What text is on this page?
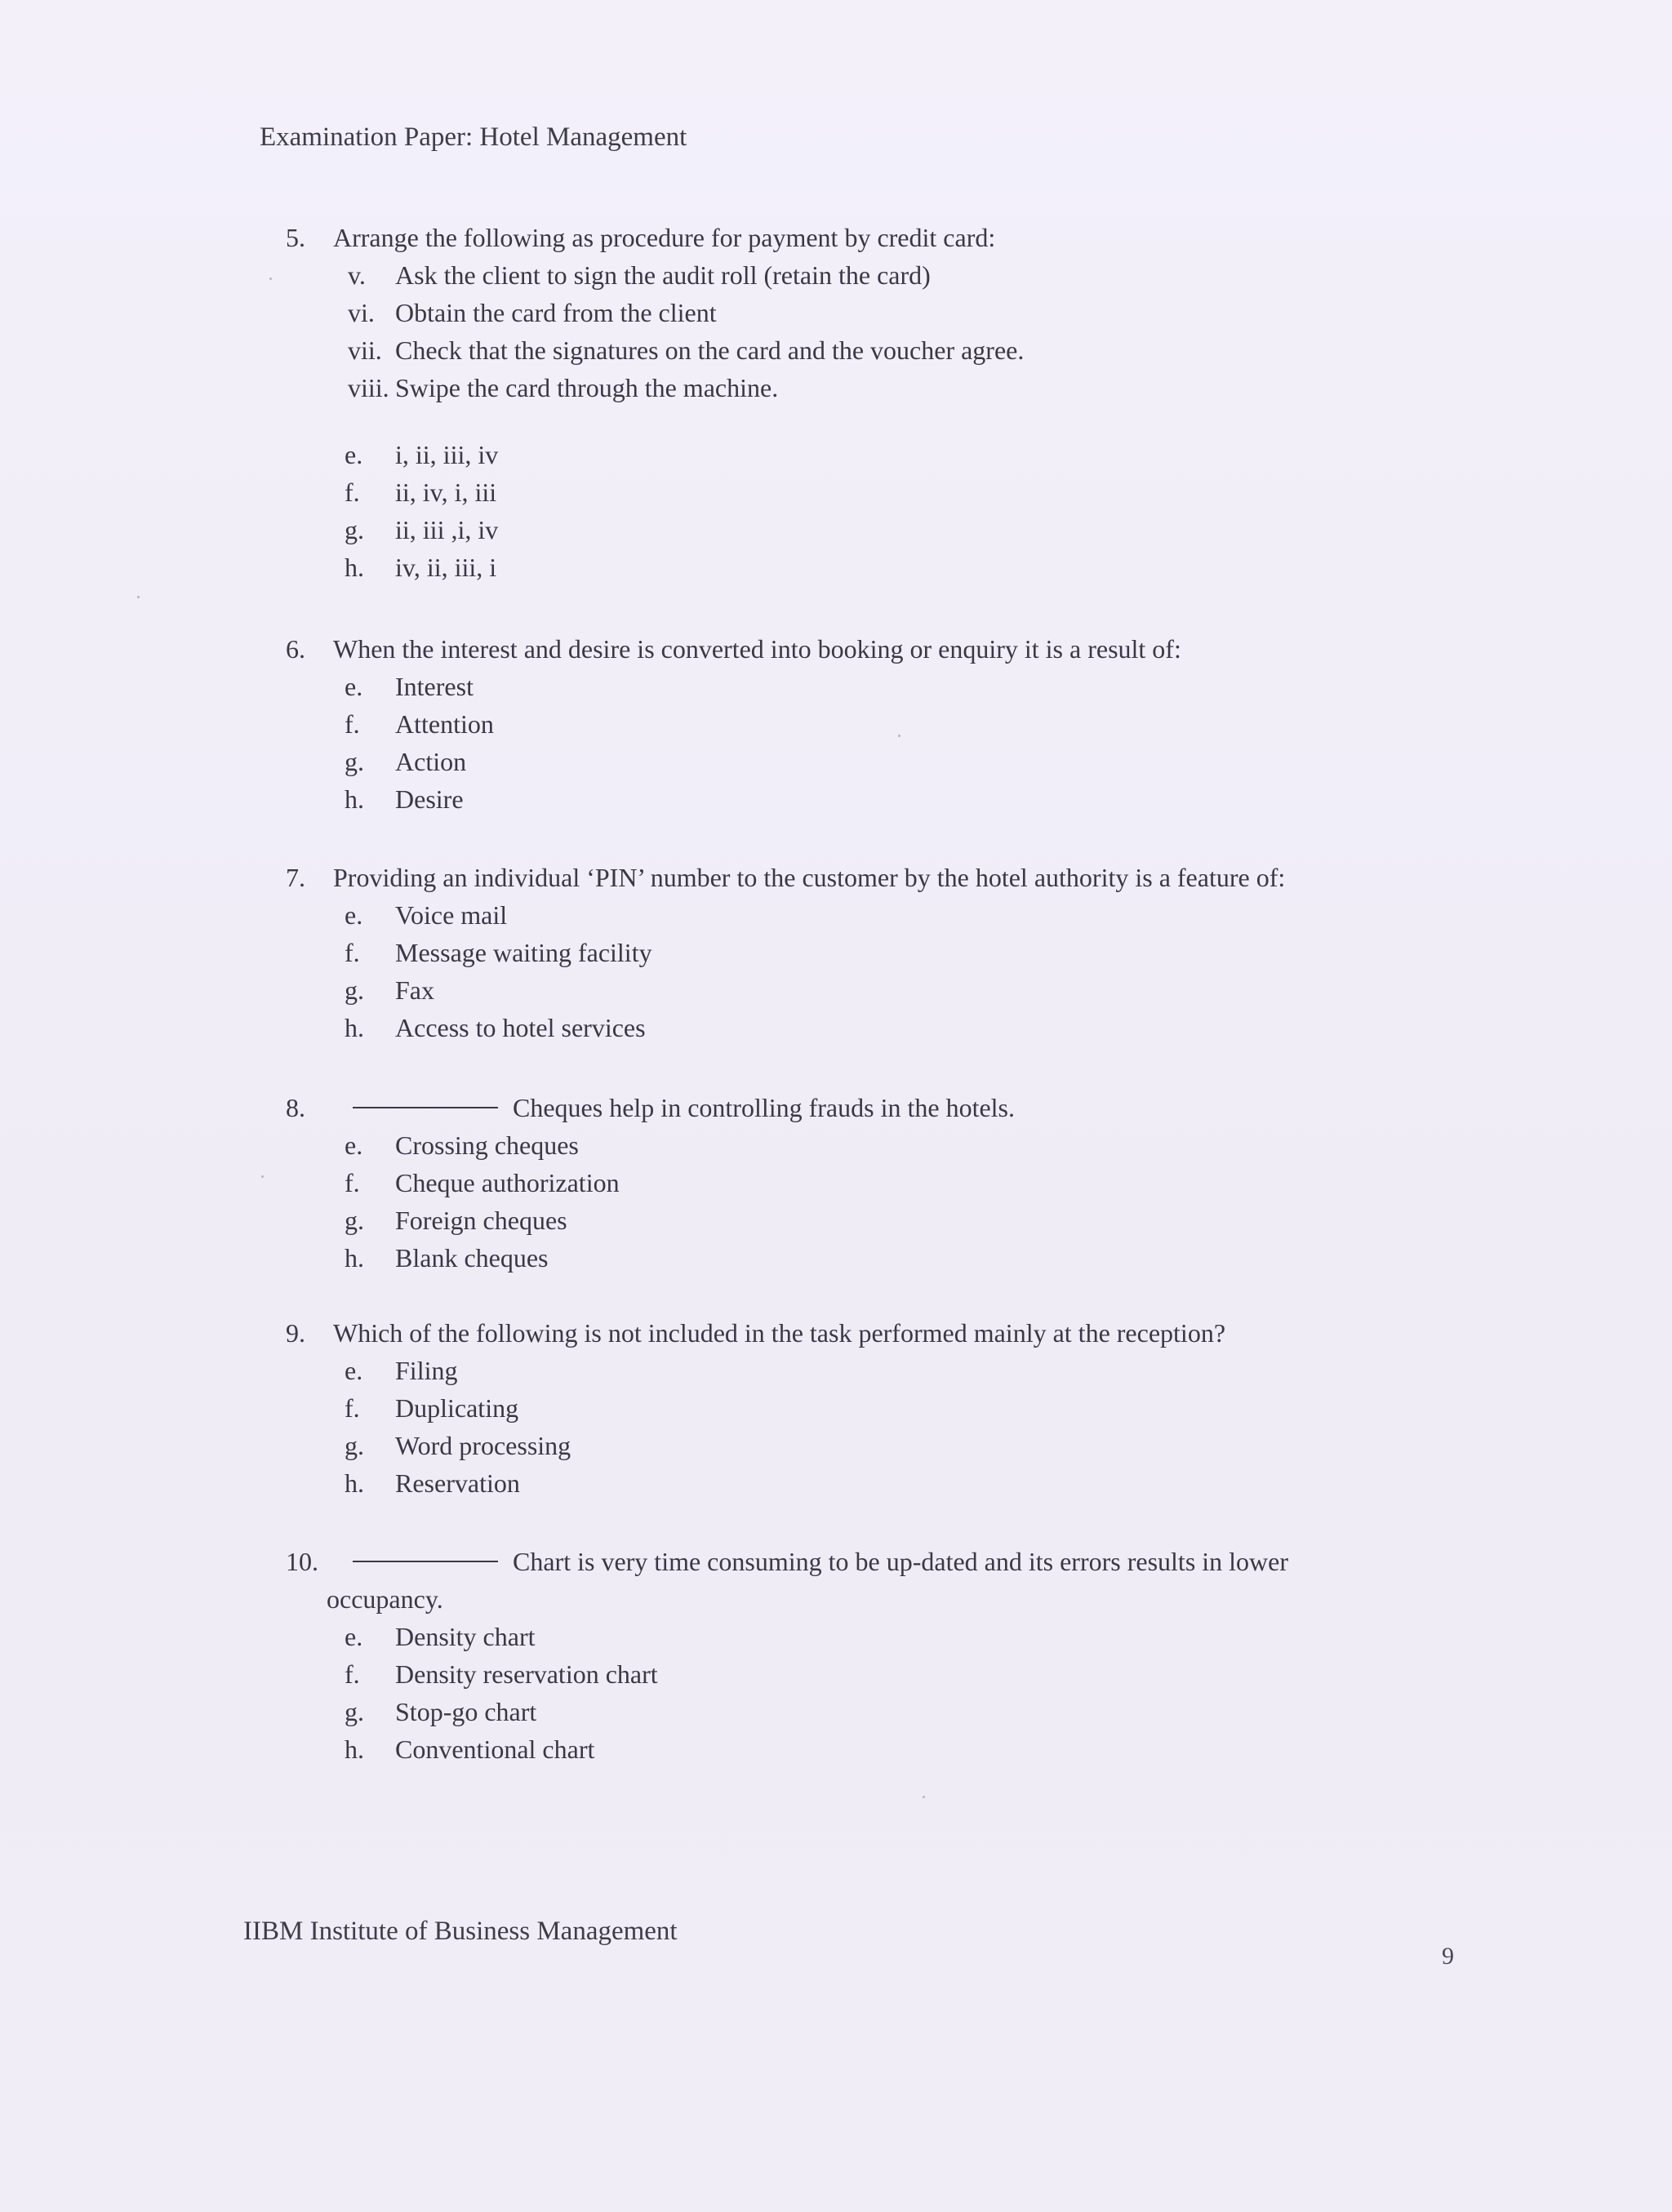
Examination Paper: Hotel Management
5.	Arrange the following as procedure for payment by credit card:
v.	Ask the client to sign the audit roll (retain the card)
vi. Obtain the card from the client
vii. Check that the signatures on the card and the voucher agree.
viii. Swipe the card through the machine.
e.	i, ii, iii, iv
f.	ii, iv, i, iii
g.	ii, iii ,i, iv
h.	iv, ii, iii, i
6.	When the interest and desire is converted into booking or enquiry it is a result of:
e.	Interest
f.	Attention
g.	Action
h.	Desire
7.	Providing an individual ‘PIN’ number to the customer by the hotel authority is a feature of:
e.	Voice mail
f.	Message waiting facility
g.	Fax
h.	Access to hotel services
8.	Cheques help in controlling frauds in the hotels.
e.	Crossing cheques
f.	Cheque authorization
g.	Foreign cheques
h.	Blank cheques
9.	Which of the following is not included in the task performed mainly at the reception?
e.	Filing
f.	Duplicating
g.	Word processing
h.	Reservation
10.	Chart is very time consuming to be up-dated and its errors results in lower
occupancy.
e.	Density chart
f.	Density reservation chart
g.	Stop-go chart
h.	Conventional chart
IIBM Institute of Business Management
9
